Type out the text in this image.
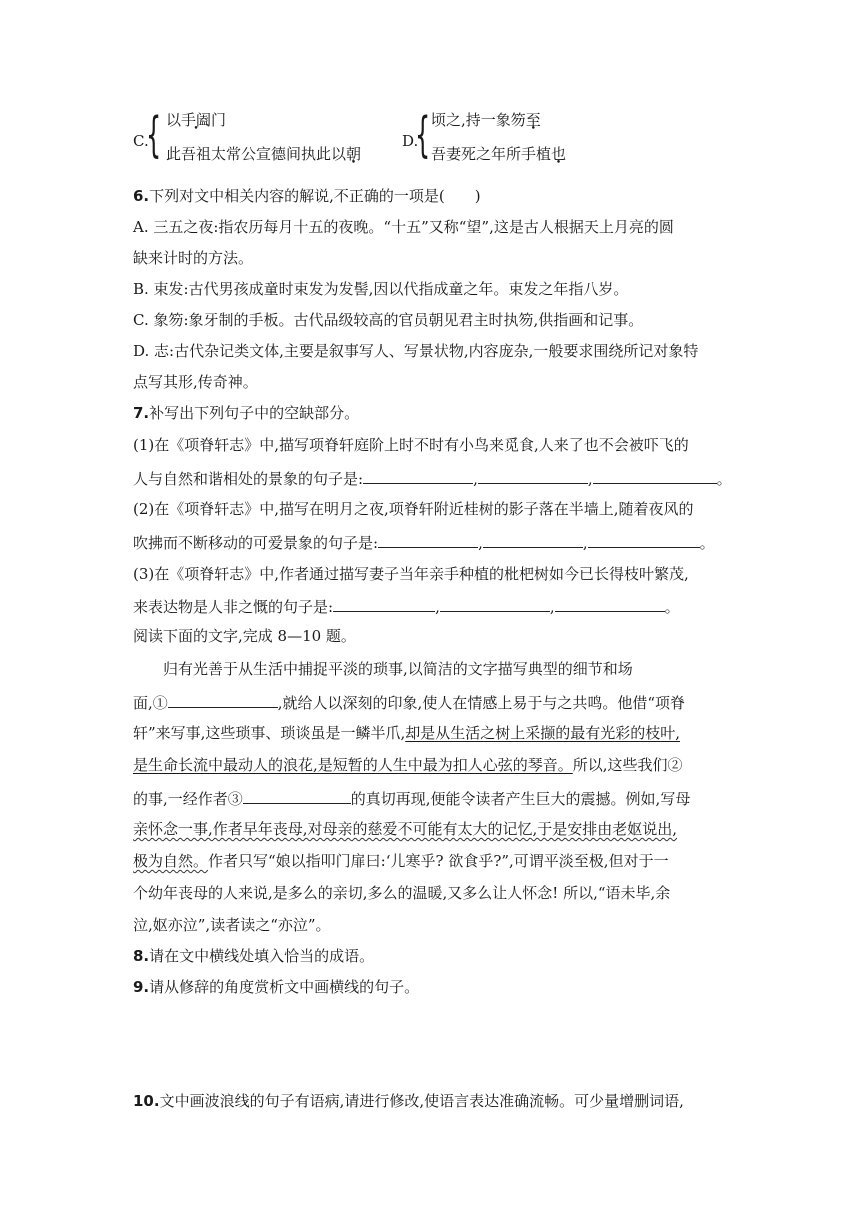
C.
{ 以手阖门
此吾祖太常公宣德间执此以朝
D.
{ 顷之,持一象笏至
吾妻死之年所手植也
6.下列对文中相关内容的解说,不正确的一项是(　　)
A. 三五之夜:指农历每月十五的夜晚。“十五”又称“望”,这是古人根据天上月亮的圆
缺来计时的方法。
B. 束发:古代男孩成童时束发为发髻,因以代指成童之年。束发之年指八岁。
C. 象笏:象牙制的手板。古代品级较高的官员朝见君主时执笏,供指画和记事。
D. 志:古代杂记类文体,主要是叙事写人、写景状物,内容庞杂,一般要求围绕所记对象特
点写其形,传奇神。
7.补写出下列句子中的空缺部分。
(1)在《项脊轩志》中,描写项脊轩庭阶上时不时有小鸟来觅食,人来了也不会被吓飞的
人与自然和谐相处的景象的句子是:	,	,	。
(2)在《项脊轩志》中,描写在明月之夜,项脊轩附近桂树的影子落在半墙上,随着夜风的
吹拂而不断移动的可爱景象的句子是:	,	,	。
(3)在《项脊轩志》中,作者通过描写妻子当年亲手种植的枇杷树如今已长得枝叶繁茂,
来表达物是人非之慨的句子是:	,	,	。
阅读下面的文字,完成 8—10 题。
归有光善于从生活中捕捉平淡的琐事,以简洁的文字描写典型的细节和场
面,①	,就给人以深刻的印象,使人在情感上易于与之共鸣。他借“项脊
轩”来写事,这些琐事、琐谈虽是一鳞半爪,却是从生活之树上采撷的最有光彩的枝叶,
是生命长流中最动人的浪花,是短暂的人生中最为扣人心弦的琴音。所以,这些我们②
的事,一经作者③	的真切再现,便能令读者产生巨大的震撼。例如,写母
亲怀念一事,作者早年丧母,对母亲的慈爱不可能有太大的记忆,于是安排由老妪说出,
极为自然。作者只写“娘以指叩门扉曰:‘儿寒乎? 欲食乎?”,可谓平淡至极,但对于一
个幼年丧母的人来说,是多么的亲切,多么的温暖,又多么让人怀念! 所以,“语未毕,余
泣,妪亦泣”,读者读之“亦泣”。
8.请在文中横线处填入恰当的成语。
9.请从修辞的角度赏析文中画横线的句子。
10.文中画波浪线的句子有语病,请进行修改,使语言表达准确流畅。可少量增删词语,
